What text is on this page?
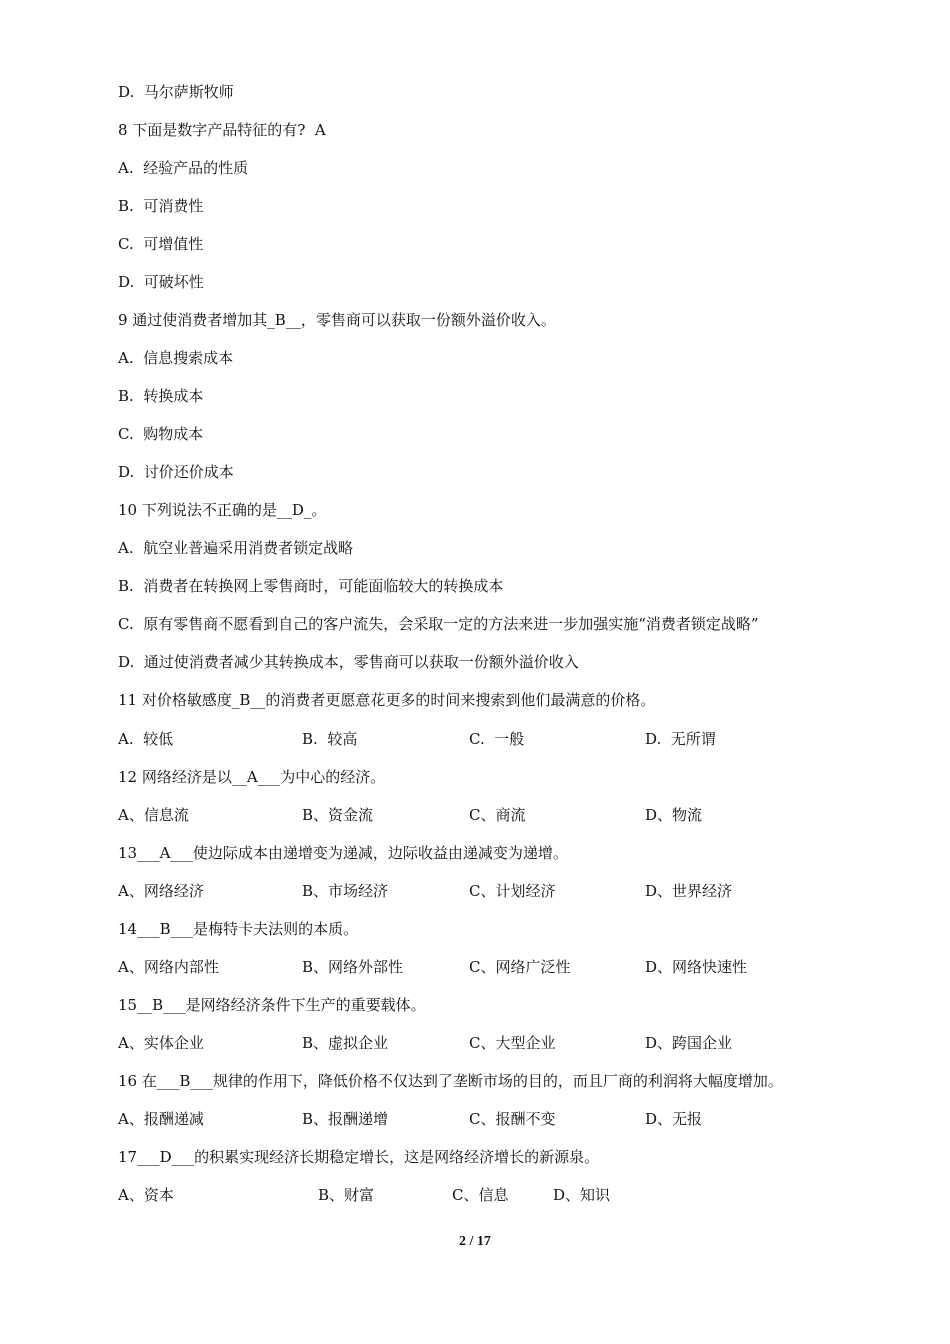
D.  马尔萨斯牧师
8 下面是数字产品特征的有?  A
A.  经验产品的性质
B.  可消费性
C.  可增值性
D.  可破坏性
9 通过使消费者增加其_B__，零售商可以获取一份额外溢价收入。
A.  信息搜索成本
B.  转换成本
C.  购物成本
D.  讨价还价成本
10 下列说法不正确的是__D_。
A.  航空业普遍采用消费者锁定战略
B.  消费者在转换网上零售商时，可能面临较大的转换成本
C.  原有零售商不愿看到自己的客户流失，会采取一定的方法来进一步加强实施“消费者锁定战略”
D.  通过使消费者减少其转换成本，零售商可以获取一份额外溢价收入
11 对价格敏感度_B__的消费者更愿意花更多的时间来搜索到他们最满意的价格。

A.  较低

	B.  较高

	C.  一般

	D.  无所谓

12 网络经济是以__A___为中心的经济。

A、信息流

	B、资金流

	C、商流

	D、物流

13___A___使边际成本由递增变为递减，边际收益由递减变为递增。

A、网络经济

	B、市场经济

	C、计划经济

	D、世界经济

14___B___是梅特卡夫法则的本质。

A、网络内部性

	B、网络外部性

	C、网络广泛性

	D、网络快速性

15__B___是网络经济条件下生产的重要载体。

A、实体企业

	B、虚拟企业

	C、大型企业

	D、跨国企业

16 在___B___规律的作用下，降低价格不仅达到了垄断市场的目的，而且厂商的利润将大幅度增加。

A、报酬递减

	B、报酬递增

	C、报酬不变

	D、无报

17___D___的积累实现经济长期稳定增长，这是网络经济增长的新源泉。

A、资本

	B、财富

	C、信息

	D、知识

2 / 17
